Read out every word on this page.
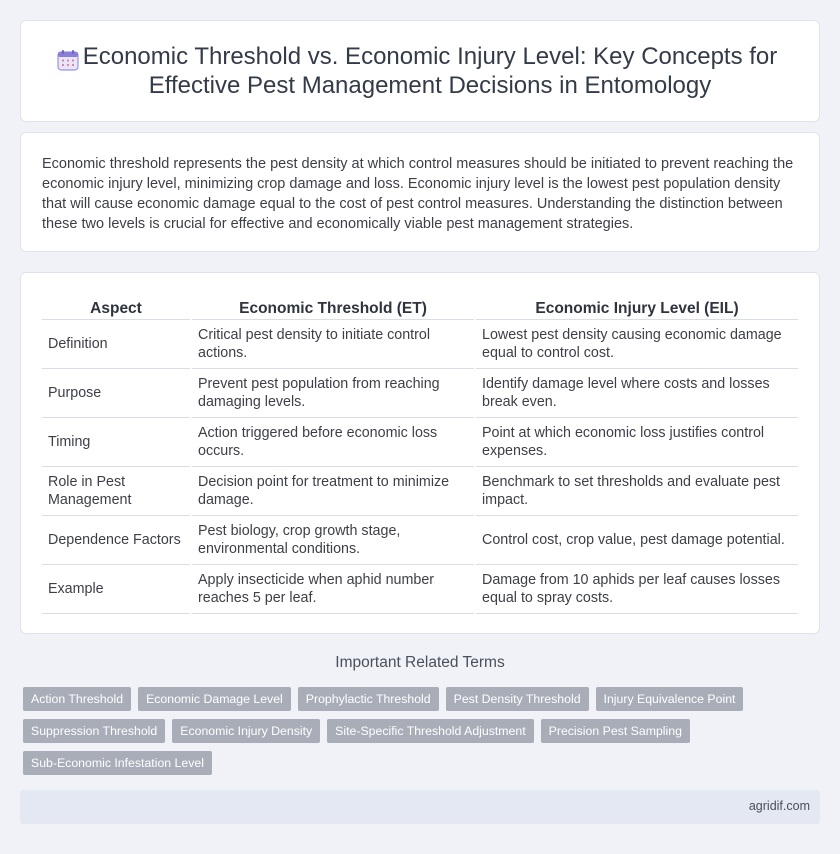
Economic Threshold vs. Economic Injury Level: Key Concepts for Effective Pest Management Decisions in Entomology

Economic threshold represents the pest density at which control measures should be initiated to prevent reaching the economic injury level, minimizing crop damage and loss. Economic injury level is the lowest pest population density that will cause economic damage equal to the cost of pest control measures. Understanding the distinction between these two levels is crucial for effective and economically viable pest management strategies.

Aspect	Economic Threshold (ET)	Economic Injury Level (EIL)
Definition	Critical pest density to initiate control actions.	Lowest pest density causing economic damage equal to control cost.
Purpose	Prevent pest population from reaching damaging levels.	Identify damage level where costs and losses break even.
Timing	Action triggered before economic loss occurs.	Point at which economic loss justifies control expenses.
Role in Pest Management	Decision point for treatment to minimize damage.	Benchmark to set thresholds and evaluate pest impact.
Dependence Factors	Pest biology, crop growth stage, environmental conditions.	Control cost, crop value, pest damage potential.
Example	Apply insecticide when aphid number reaches 5 per leaf.	Damage from 10 aphids per leaf causes losses equal to spray costs.
Important Related Terms
Action Threshold	Economic Damage Level	Prophylactic Threshold	Pest Density Threshold	Injury Equivalence Point
Suppression Threshold	Economic Injury Density	Site-Specific Threshold Adjustment	Precision Pest Sampling
Sub-Economic Infestation Level
agridif.com
